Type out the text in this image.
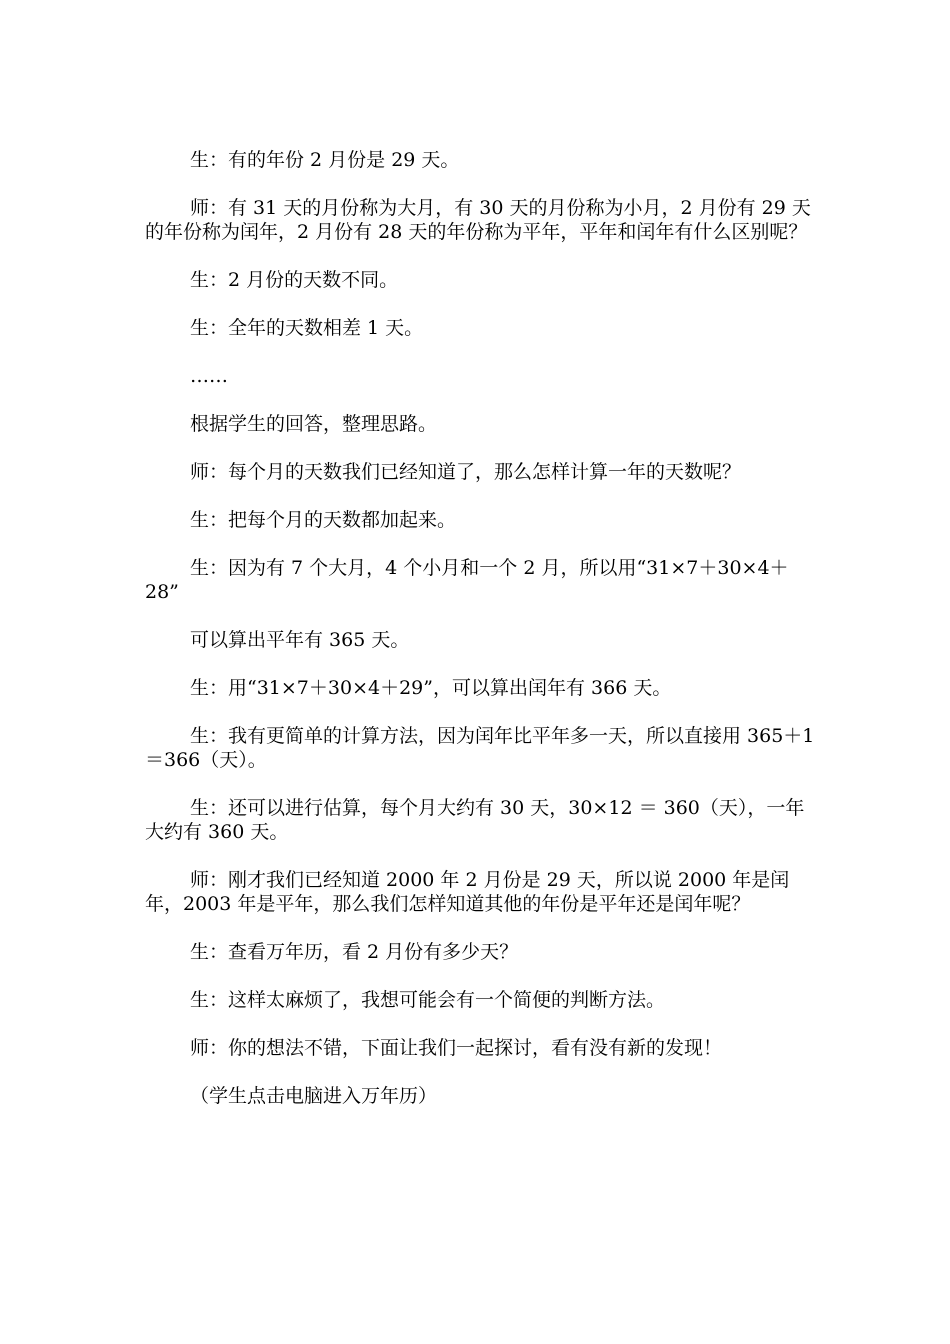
生：有的年份 2 月份是 29 天。

师：有 31 天的月份称为大月，有 30 天的月份称为小月，2 月份有 29 天的年份称为闰年，2 月份有 28 天的年份称为平年，平年和闰年有什么区别呢？

生：2 月份的天数不同。

生：全年的天数相差 1 天。

……

根据学生的回答，整理思路。

师：每个月的天数我们已经知道了，那么怎样计算一年的天数呢？

生：把每个月的天数都加起来。

生：因为有 7 个大月，4 个小月和一个 2 月，所以用“31×7＋30×4＋28”

可以算出平年有 365 天。

生：用“31×7＋30×4＋29”，可以算出闰年有 366 天。

生：我有更简单的计算方法，因为闰年比平年多一天，所以直接用 365＋1＝366（天）。

生：还可以进行估算，每个月大约有 30 天，30×12 ＝ 360（天），一年大约有 360 天。

师：刚才我们已经知道 2000 年 2 月份是 29 天，所以说 2000 年是闰年，2003 年是平年，那么我们怎样知道其他的年份是平年还是闰年呢？

生：查看万年历，看 2 月份有多少天？

生：这样太麻烦了，我想可能会有一个简便的判断方法。

师：你的想法不错，下面让我们一起探讨，看有没有新的发现！

（学生点击电脑进入万年历）
